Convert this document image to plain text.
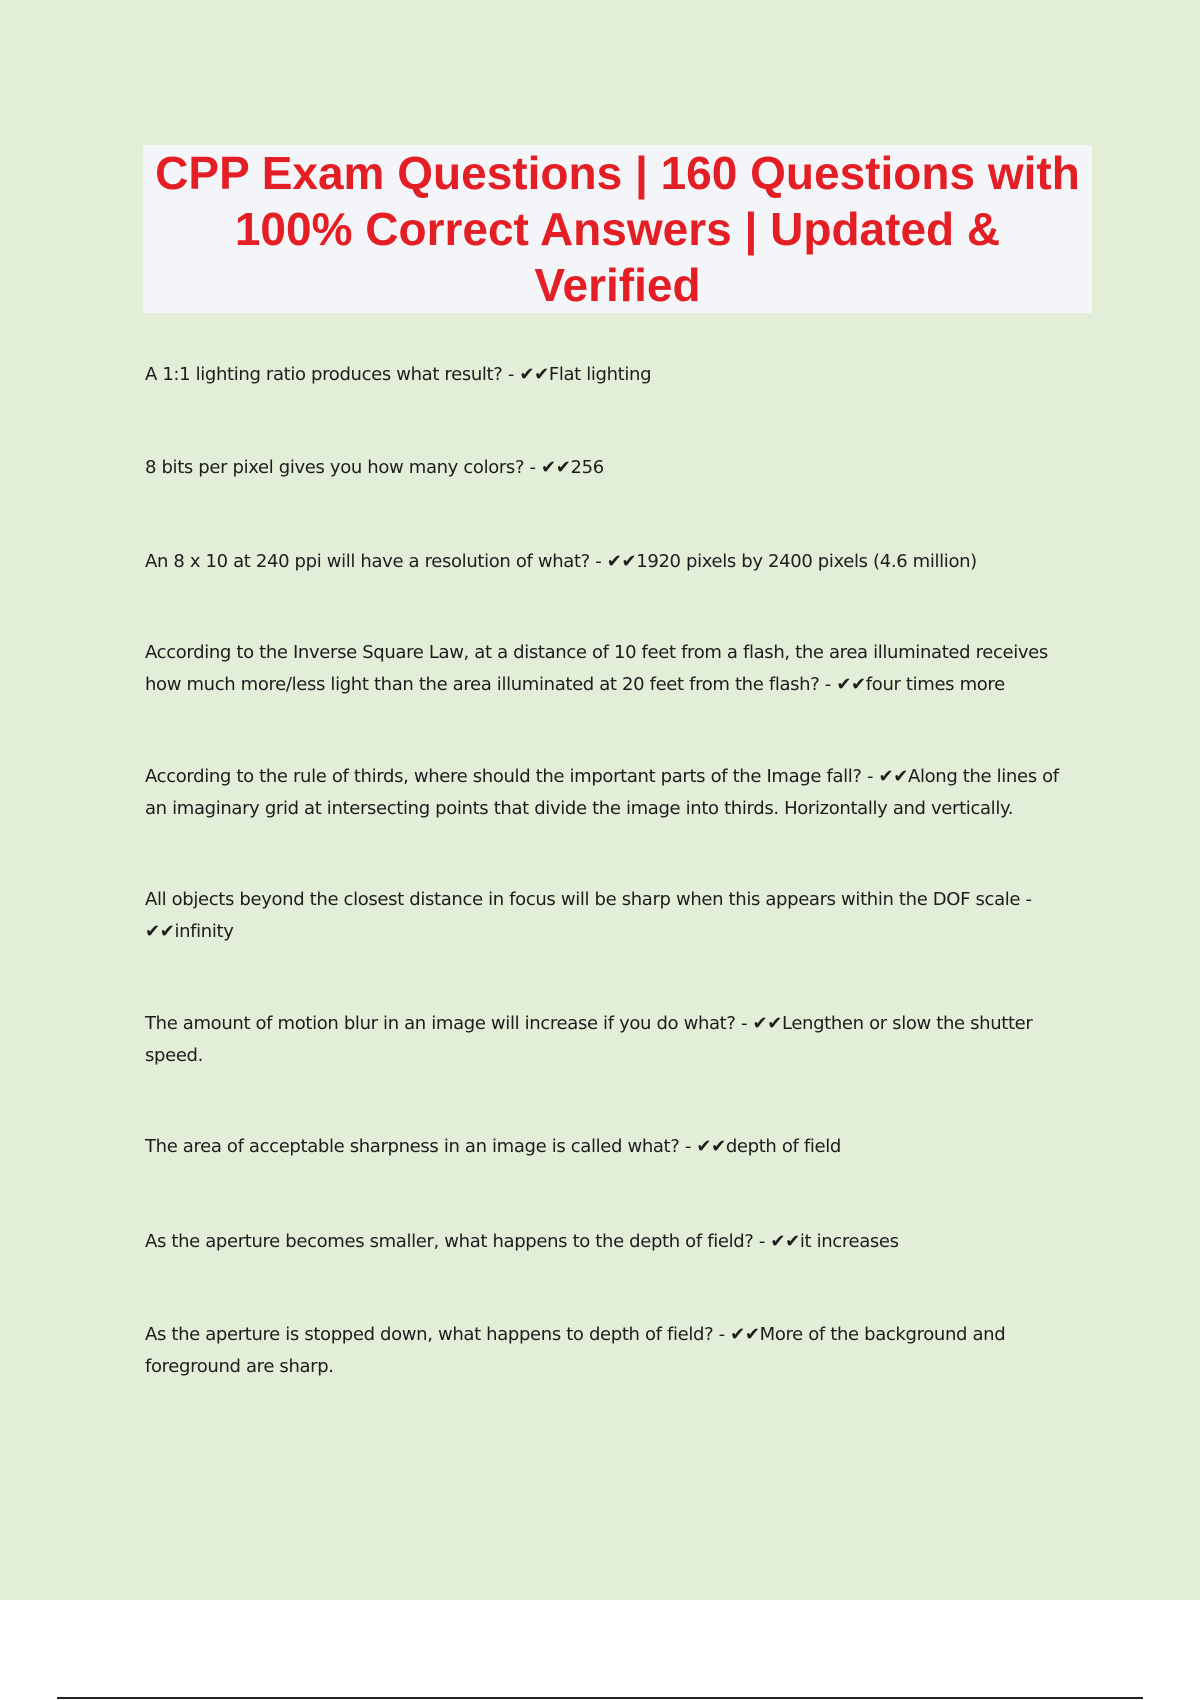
CPP Exam Questions | 160 Questions with 100% Correct Answers | Updated & Verified

A 1:1 lighting ratio produces what result? - ✔✔Flat lighting

8 bits per pixel gives you how many colors? - ✔✔256

An 8 x 10 at 240 ppi will have a resolution of what? - ✔✔1920 pixels by 2400 pixels (4.6 million)

According to the Inverse Square Law, at a distance of 10 feet from a flash, the area illuminated receives how much more/less light than the area illuminated at 20 feet from the flash? - ✔✔four times more

According to the rule of thirds, where should the important parts of the Image fall? - ✔✔Along the lines of an imaginary grid at intersecting points that divide the image into thirds. Horizontally and vertically.

All objects beyond the closest distance in focus will be sharp when this appears within the DOF scale - ✔✔infinity

The amount of motion blur in an image will increase if you do what? - ✔✔Lengthen or slow the shutter speed.

The area of acceptable sharpness in an image is called what? - ✔✔depth of field

As the aperture becomes smaller, what happens to the depth of field? - ✔✔it increases

As the aperture is stopped down, what happens to depth of field? - ✔✔More of the background and foreground are sharp.
